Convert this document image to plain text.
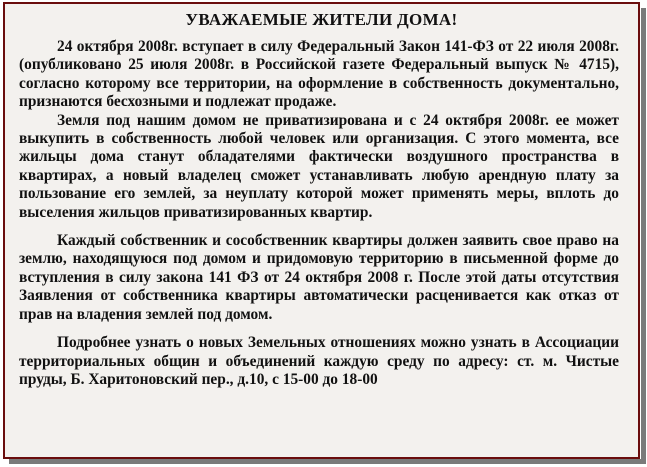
УВАЖАЕМЫЕ ЖИТЕЛИ ДОМА!

24 октября 2008г. вступает в силу Федеральный Закон 141-ФЗ от 22 июля 2008г. (опубликовано 25 июля 2008г. в Российской газете Федеральный выпуск № 4715), согласно которому все территории, на оформление в собственность документально, признаются бесхозными и подлежат продаже.

Земля под нашим домом не приватизирована и с 24 октября 2008г. ее может выкупить в собственность любой человек или организация. С этого момента, все жильцы дома станут обладателями фактически воздушного пространства в квартирах, а новый владелец сможет устанавливать любую арендную плату за пользование его землей, за неуплату которой может применять меры, вплоть до выселения жильцов приватизированных квартир.

Каждый собственник и сособственник квартиры должен заявить свое право на землю, находящуюся под домом и придомовую территорию в письменной форме до вступления в силу закона 141 ФЗ от 24 октября 2008 г. После этой даты отсутствия Заявления от собственника квартиры автоматически расценивается как отказ от прав на владения землей под домом.

Подробнее узнать о новых Земельных отношениях можно узнать в Ассоциации территориальных общин и объединений каждую среду по адресу: ст. м. Чистые пруды, Б. Харитоновский пер., д.10, с 15-00 до 18-00
